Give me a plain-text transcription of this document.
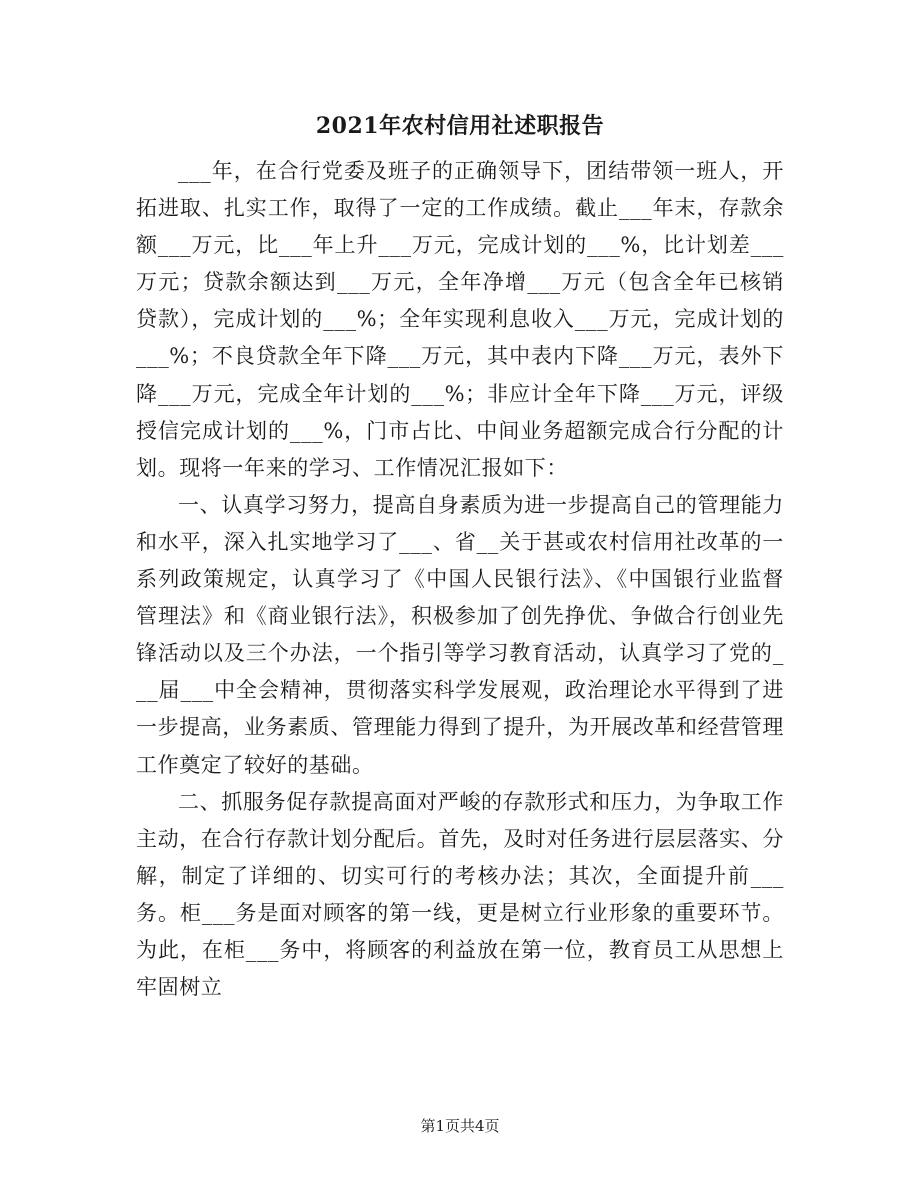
2021年农村信用社述职报告

___年，在合行党委及班子的正确领导下，团结带领一班人，开拓进取、扎实工作，取得了一定的工作成绩。截止___年末，存款余额___万元，比___年上升___万元，完成计划的___%，比计划差___万元；贷款余额达到___万元，全年净增___万元（包含全年已核销贷款），完成计划的___%；全年实现利息收入___万元，完成计划的___%；不良贷款全年下降___万元，其中表内下降___万元，表外下降___万元，完成全年计划的___%；非应计全年下降___万元，评级授信完成计划的___%，门市占比、中间业务超额完成合行分配的计划。现将一年来的学习、工作情况汇报如下：

一、认真学习努力，提高自身素质为进一步提高自己的管理能力和水平，深入扎实地学习了___、省__关于甚或农村信用社改革的一系列政策规定，认真学习了《中国人民银行法》、《中国银行业监督管理法》和《商业银行法》，积极参加了创先挣优、争做合行创业先锋活动以及三个办法，一个指引等学习教育活动，认真学习了党的___届___中全会精神，贯彻落实科学发展观，政治理论水平得到了进一步提高，业务素质、管理能力得到了提升，为开展改革和经营管理工作奠定了较好的基础。

二、抓服务促存款提高面对严峻的存款形式和压力，为争取工作主动，在合行存款计划分配后。首先，及时对任务进行层层落实、分解，制定了详细的、切实可行的考核办法；其次，全面提升前___务。柜___务是面对顾客的第一线，更是树立行业形象的重要环节。为此，在柜___务中，将顾客的利益放在第一位，教育员工从思想上牢固树立

第1页共4页
